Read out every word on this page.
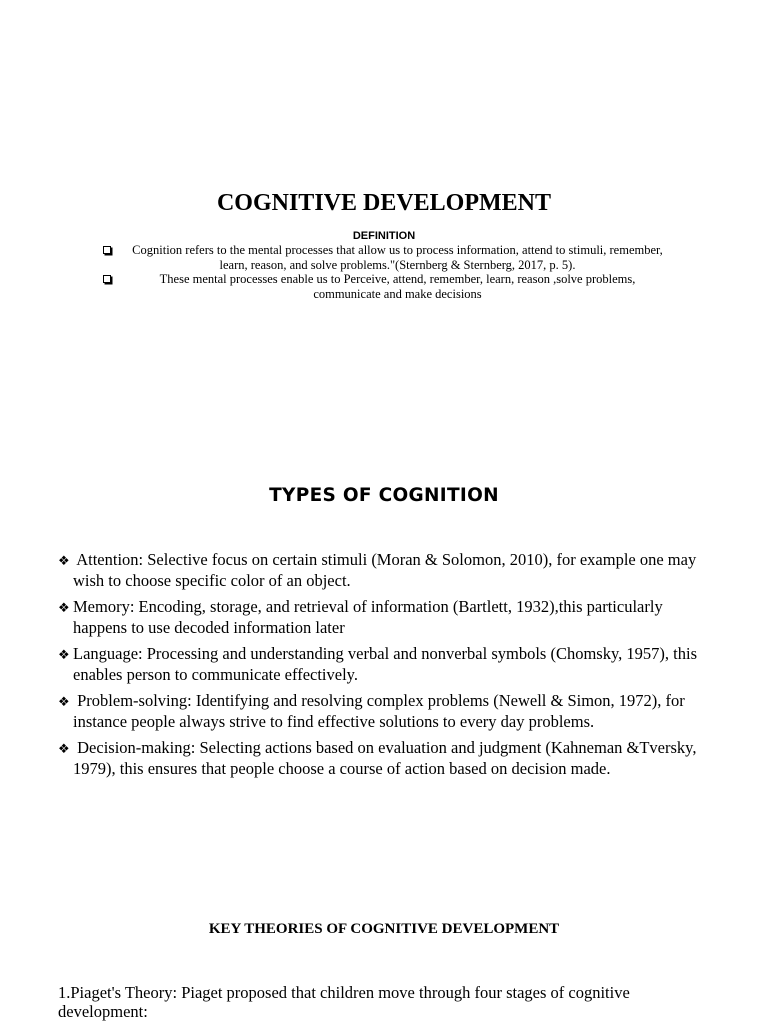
COGNITIVE DEVELOPMENT
DEFINITION
Cognition refers to the mental processes that allow us to process information, attend to stimuli, remember, learn, reason, and solve problems."(Sternberg & Sternberg, 2017, p. 5).
These mental processes enable us to Perceive, attend, remember, learn, reason ,solve problems, communicate and make decisions
TYPES OF COGNITION
❖ Attention: Selective focus on certain stimuli (Moran & Solomon, 2010), for example one may wish to choose specific color of an object.
❖ Memory: Encoding, storage, and retrieval of information (Bartlett, 1932),this particularly happens to use decoded information later
❖ Language: Processing and understanding verbal and nonverbal symbols (Chomsky, 1957), this enables person to communicate effectively.
❖ Problem-solving: Identifying and resolving complex problems (Newell & Simon, 1972), for instance people always strive to find effective solutions to every day problems.
❖ Decision-making: Selecting actions based on evaluation and judgment (Kahneman &Tversky, 1979), this ensures that people choose a course of action based on decision made.
KEY THEORIES OF COGNITIVE DEVELOPMENT

1.Piaget's Theory: Piaget proposed that children move through four stages of cognitive development:
